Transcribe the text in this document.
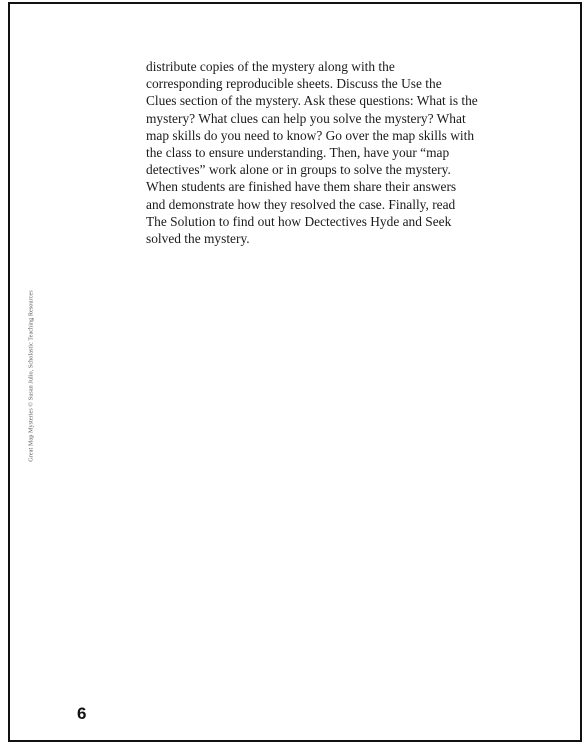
distribute copies of the mystery along with the
corresponding reproducible sheets. Discuss the Use the
Clues section of the mystery. Ask these questions: What is the
mystery? What clues can help you solve the mystery? What
map skills do you need to know? Go over the map skills with
the class to ensure understanding. Then, have your “map
detectives” work alone or in groups to solve the mystery.
When students are finished have them share their answers
and demonstrate how they resolved the case. Finally, read
The Solution to find out how Dectectives Hyde and Seek
solved the mystery.

Great Map Mysteries © Susan Julio, Scholastic Teaching Resources
6
